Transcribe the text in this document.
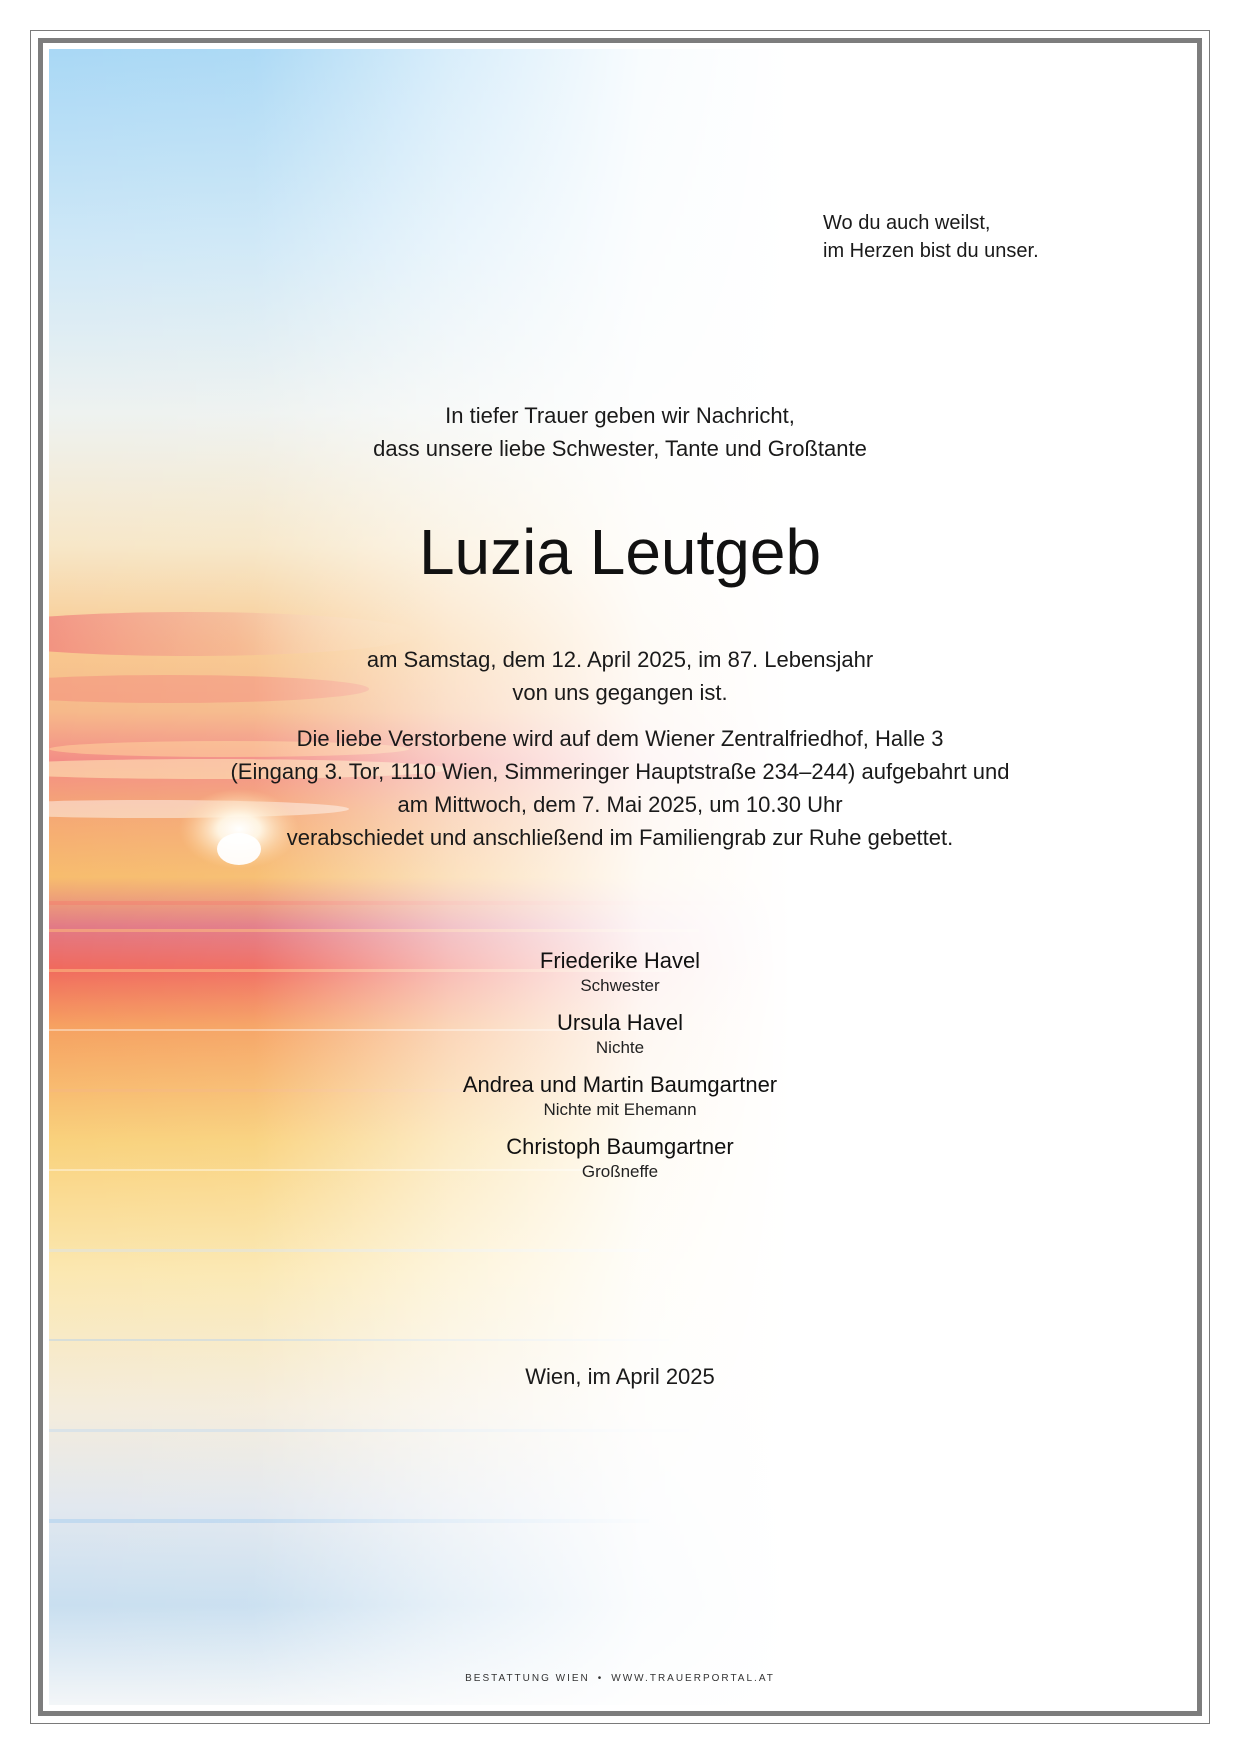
Wo du auch weilst,
im Herzen bist du unser.
In tiefer Trauer geben wir Nachricht,
dass unsere liebe Schwester, Tante und Großtante
Luzia Leutgeb
am Samstag, dem 12. April 2025, im 87. Lebensjahr
von uns gegangen ist.
Die liebe Verstorbene wird auf dem Wiener Zentralfriedhof, Halle 3
(Eingang 3. Tor, 1110 Wien, Simmeringer Hauptstraße 234–244) aufgebahrt und
am Mittwoch, dem 7. Mai 2025, um 10.30 Uhr
verabschiedet und anschließend im Familiengrab zur Ruhe gebettet.
Friederike Havel
Schwester
Ursula Havel
Nichte
Andrea und Martin Baumgartner
Nichte mit Ehemann
Christoph Baumgartner
Großneffe
Wien, im April 2025
BESTATTUNG WIEN • WWW.TRAUERPORTAL.AT
